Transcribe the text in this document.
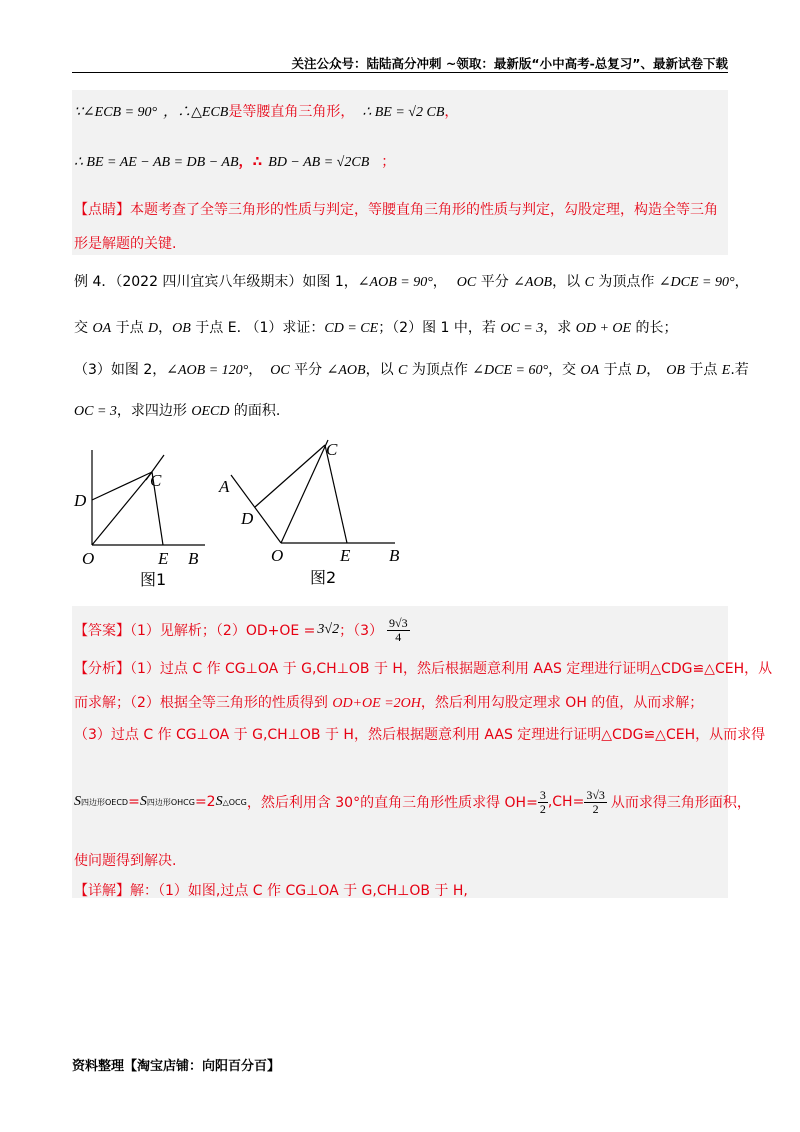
关注公众号：陆陆高分冲刺 ~领取：最新版“小中高考-总复习”、最新试卷下载
∵∠ECB = 90° ，∴△ECB是等腰直角三角形， ∴ BE = √2 CB，
∴ BE = AE − AB = DB − AB，∴ BD − AB = √2CB ；
【点睛】本题考查了全等三角形的性质与判定，等腰直角三角形的性质与判定，勾股定理，构造全等三角
形是解题的关键.
例 4．（2022 四川宜宾八年级期末）如图 1，∠AOB = 90°， OC 平分 ∠AOB，以 C 为顶点作 ∠DCE = 90°，
交 OA 于点 D，OB 于点 E. （1）求证：CD = CE；（2）图 1 中，若 OC = 3，求 OD + OE 的长；
（3）如图 2，∠AOB = 120°， OC 平分 ∠AOB，以 C 为顶点作 ∠DCE = 60°，交 OA 于点 D， OB 于点 E.若
OC = 3，求四边形 OECD 的面积.
D
C
O	E B
图1
A
D
C
O	E B
图2
【答案】（1）见解析；（2）OD+OE = 3√2 ；$(3) \frac{9√3}{4}$
【分析】（1）过点 C 作 CG⊥OA 于 G,CH⊥OB 于 H，然后根据题意利用 AAS 定理进行证明△CDG≌△CEH，从
而求解；（2）根据全等三角形的性质得到 OD+OE =2OH，然后利用勾股定理求 OH 的值，从而求解；
（3）过点 C 作 CG⊥OA 于 G,CH⊥OB 于 H，然后根据题意利用 AAS 定理进行证明△CDG≌△CEH，从而求得
S 四边形OECD = S 四边形OHCG =2 S △OCG ，然后利用含 30°的直角三角形性质求得 $OH= \frac{3}{2} ,CH= \frac{3√3}{2}$ 从而求得三角形面积，
使问题得到解决.
【详解】解：（1）如图,过点 C 作 CG⊥OA 于 G,CH⊥OB 于 H,
资料整理【淘宝店铺：向阳百分百】
